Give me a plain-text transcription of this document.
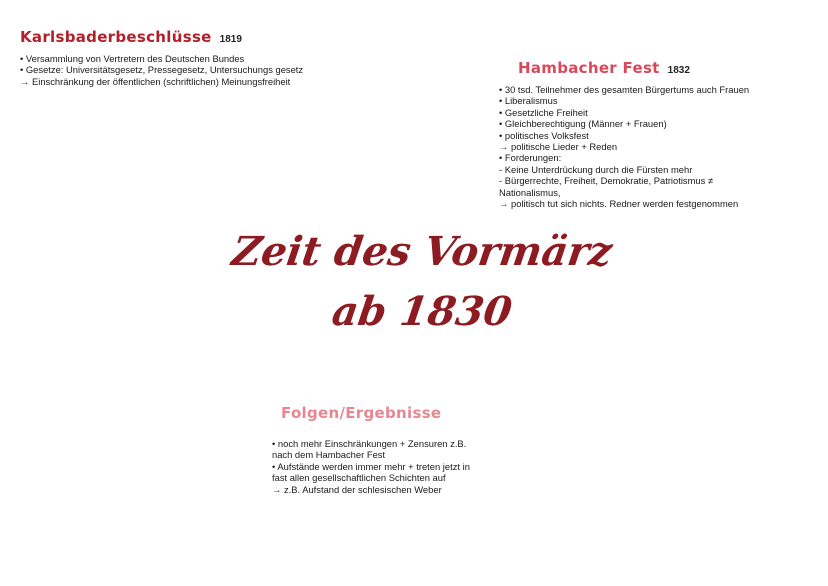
Karlsbaderbeschlüsse 1819
• Versammlung von Vertretern des Deutschen Bundes
• Gesetze: Universitätsgesetz, Pressegesetz, Untersuchungs gesetz
→ Einschränkung der öffentlichen (schriftlichen) Meinungsfreiheit
Hambacher Fest 1832
• 30 tsd. Teilnehmer des gesamten Bürgertums auch Frauen
• Liberalismus
• Gesetzliche Freiheit
• Gleichberechtigung (Männer + Frauen)
• politisches Volksfest
→ politische Lieder + Reden
• Forderungen:
- Keine Unterdrückung durch die Fürsten mehr
- Bürgerrechte, Freiheit, Demokratie, Patriotismus ≠
Nationalismus,
→ politisch tut sich nichts. Redner werden festgenommen
Zeit des Vormärz
ab 1830
Folgen/Ergebnisse
• noch mehr Einschränkungen + Zensuren z.B.
nach dem Hambacher Fest
• Aufstände werden immer mehr + treten jetzt in
fast allen gesellschaftlichen Schichten auf
→ z.B. Aufstand der schlesischen Weber
